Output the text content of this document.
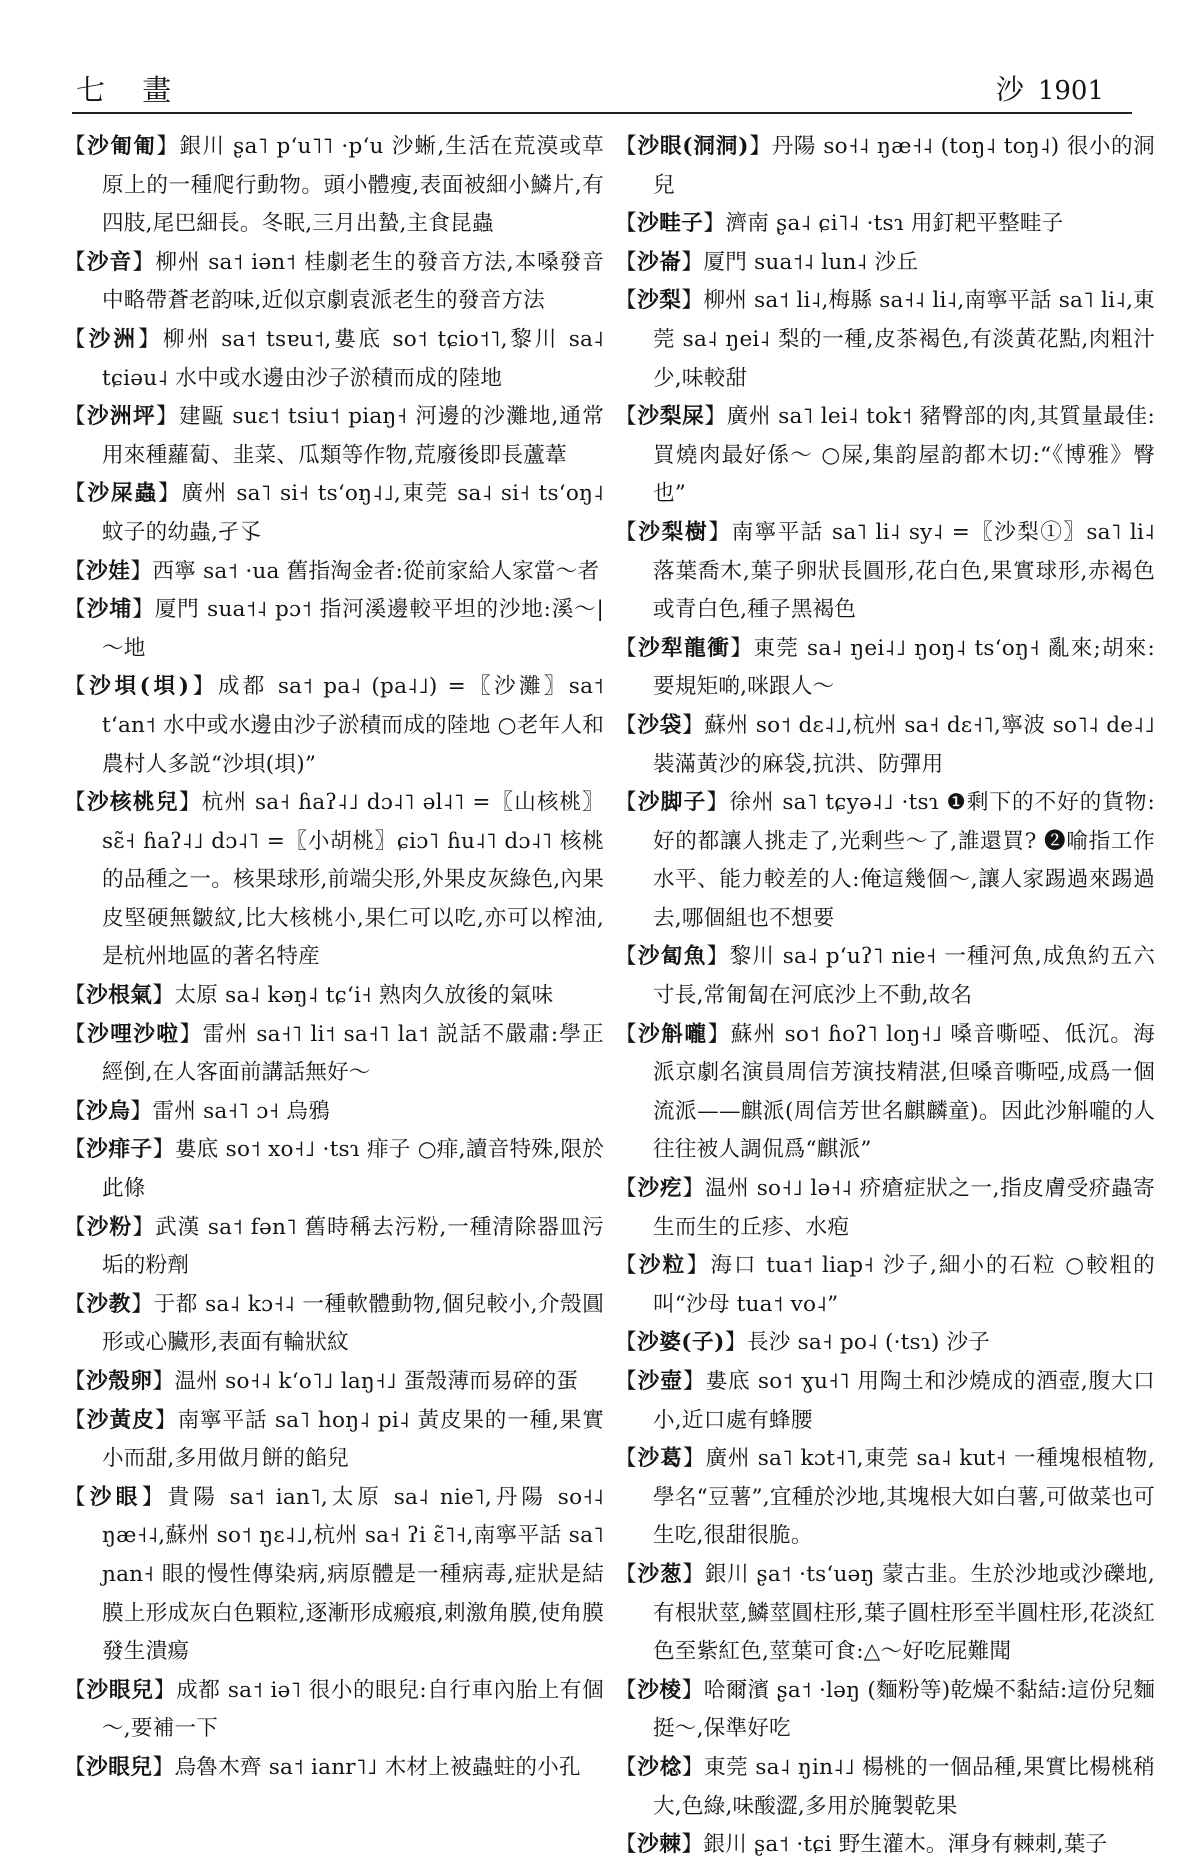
七 畫	沙 1901
【 沙匍匍 】 銀川 ʂa˥ pʻu˥˥ ·pʻu 沙蜥,生活在荒漠或草原上的一種爬行動物。頭小體瘦,表面被細小鱗片,有四肢,尾巴細長。冬眠,三月出蟄,主食昆蟲
【 沙音 】 柳州 sa˦ iən˦ 桂劇老生的發音方法,本嗓發音中略帶蒼老韵味,近似京劇袁派老生的發音方法
【 沙洲 】 柳州 sa˦ tsɐu˦,婁底 so˦ tɕio˦˥,黎川 sa˨ tɕiəu˨ 水中或水邊由沙子淤積而成的陸地
【 沙洲坪 】 建甌 suɛ˦ tsiu˦ piaŋ˧ 河邊的沙灘地,通常用來種蘿蔔、韭菜、瓜類等作物,荒廢後即長蘆葦
【 沙屎蟲 】 廣州 sa˥ si˧ tsʻoŋ˨˩,東莞 sa˨ si˧ tsʻoŋ˨ 蚊子的幼蟲,孑孓
【 沙娃 】 西寧 sa˦ ·ua 舊指淘金者:從前家給人家當～者
【 沙埔 】 厦門 sua˦˨ pɔ˦ 指河溪邊較平坦的沙地:溪～|～地
【 沙垻(垻) 】 成都 sa˦ pa˨ (pa˨˩) =〖沙灘〗sa˦ tʻan˦ 水中或水邊由沙子淤積而成的陸地 ○老年人和農村人多説“沙垻(垻)”
【 沙核桃兒 】 杭州 sa˧ ɦaʔ˨˩ dɔ˨˥ əl˨˥ =〖山核桃〗sɛ̃˧ ɦaʔ˨˩ dɔ˨˥ =〖小胡桃〗ɕiɔ˥ ɦu˨˥ dɔ˨˥ 核桃的品種之一。核果球形,前端尖形,外果皮灰綠色,內果皮堅硬無皺紋,比大核桃小,果仁可以吃,亦可以榨油,是杭州地區的著名特産
【 沙根氣 】 太原 sa˨ kəŋ˨ tɕʻi˧ 熟肉久放後的氣味
【 沙哩沙啦 】 雷州 sa˧˥ li˦ sa˧˥ la˦ 説話不嚴肅:學正經倒,在人客面前講話無好～
【 沙烏 】 雷州 sa˧˥ ɔ˧ 烏鴉
【 沙痱子 】 婁底 so˦ xo˧˩ ·tsɿ 痱子 ○痱,讀音特殊,限於此條
【 沙粉 】 武漢 sa˦ fən˥ 舊時稱去污粉,一種清除器皿污垢的粉劑
【 沙教 】 于都 sa˨ kɔ˧˨ 一種軟體動物,個兒較小,介殼圓形或心臟形,表面有輪狀紋
【 沙殼卵 】 温州 so˧˨ kʻo˥˩ laŋ˧˩ 蛋殼薄而易碎的蛋
【 沙黃皮 】 南寧平話 sa˥ hoŋ˨ pi˨ 黃皮果的一種,果實小而甜,多用做月餅的餡兒
【 沙眼 】 貴陽 sa˦ ian˥,太原 sa˨ nie˥,丹陽 so˧˨ ŋæ˧˨,蘇州 so˦ ŋɛ˨˩,杭州 sa˧ ʔi ɛ̃˥˧,南寧平話 sa˥ ɲan˧ 眼的慢性傳染病,病原體是一種病毒,症狀是結膜上形成灰白色顆粒,逐漸形成瘢痕,刺激角膜,使角膜發生潰瘍
【 沙眼兒 】 成都 sa˦ iə˥ 很小的眼兒:自行車內胎上有個～,要補一下
【 沙眼兒 】 烏魯木齊 sa˦ ianr˥˩ 木材上被蟲蛀的小孔
【 沙眼(洞洞) 】 丹陽 so˧˨ ŋæ˧˨ (toŋ˨ toŋ˨) 很小的洞兒
【 沙畦子 】 濟南 ʂa˨ ɕi˥˨ ·tsɿ 用釘耙平整畦子
【 沙崙 】 厦門 sua˦˨ lun˨ 沙丘
【 沙梨 】 柳州 sa˦ li˨,梅縣 sa˧˨ li˨,南寧平話 sa˥ li˨,東莞 sa˨ ŋei˨ 梨的一種,皮茶褐色,有淡黃花點,肉粗汁少,味較甜
【 沙梨屎 】 廣州 sa˥ lei˨ tok˦ 豬臀部的肉,其質量最佳:買燒肉最好係～ ○屎,集韵屋韵都木切:“《博雅》臀也”
【 沙梨樹 】 南寧平話 sa˥ li˨ sy˨ =〖沙梨①〗sa˥ li˨ 落葉喬木,葉子卵狀長圓形,花白色,果實球形,赤褐色或青白色,種子黑褐色
【 沙犁龍衝 】 東莞 sa˨ ŋei˨˩ ŋoŋ˨ tsʻoŋ˧ 亂來;胡來:要規矩啲,咪跟人～
【 沙袋 】 蘇州 so˦ dɛ˨˩,杭州 sa˧ dɛ˧˥,寧波 so˥˨ de˨˩ 裝滿黃沙的麻袋,抗洪、防彈用
【 沙脚子 】 徐州 sa˥ tɕyə˨˩ ·tsɿ ❶剩下的不好的貨物:好的都讓人挑走了,光剩些～了,誰還買? ❷喻指工作水平、能力較差的人:俺這幾個～,讓人家踢過來踢過去,哪個組也不想要
【 沙匐魚 】 黎川 sa˨ pʻuʔ˥ nie˧ 一種河魚,成魚約五六寸長,常匍匐在河底沙上不動,故名
【 沙斛嚨 】 蘇州 so˦ ɦoʔ˥ loŋ˧˩ 嗓音嘶啞、低沉。海派京劇名演員周信芳演技精湛,但嗓音嘶啞,成爲一個流派——麒派(周信芳世名麒麟童)。因此沙斛嚨的人往往被人調侃爲“麒派”
【 沙疙 】 温州 so˧˩ lə˧˨ 疥瘡症狀之一,指皮膚受疥蟲寄生而生的丘疹、水疱
【 沙粒 】 海口 tua˦ liap˧ 沙子,細小的石粒 ○較粗的叫“沙母 tua˦ vo˨”
【 沙婆(子) 】 長沙 sa˧ po˨ (·tsɿ) 沙子
【 沙壺 】 婁底 so˦ ɣu˧˥ 用陶土和沙燒成的酒壺,腹大口小,近口處有蜂腰
【 沙葛 】 廣州 sa˥ kɔt˧˥,東莞 sa˨ kut˧ 一種塊根植物,學名“豆薯”,宜種於沙地,其塊根大如白薯,可做菜也可生吃,很甜很脆。
【 沙葱 】 銀川 ʂa˦ ·tsʻuəŋ 蒙古韭。生於沙地或沙礫地,有根狀莖,鱗莖圓柱形,葉子圓柱形至半圓柱形,花淡紅色至紫紅色,莖葉可食:△～好吃屁難聞
【 沙棱 】 哈爾濱 ʂa˦ ·ləŋ (麵粉等)乾燥不黏結:這份兒麵挺～,保準好吃
【 沙棯 】 東莞 sa˨ ŋin˨˩ 楊桃的一個品種,果實比楊桃稍大,色綠,味酸澀,多用於腌製乾果
【 沙棘 】 銀川 ʂa˦ ·tɕi 野生灌木。渾身有棘刺,葉子
